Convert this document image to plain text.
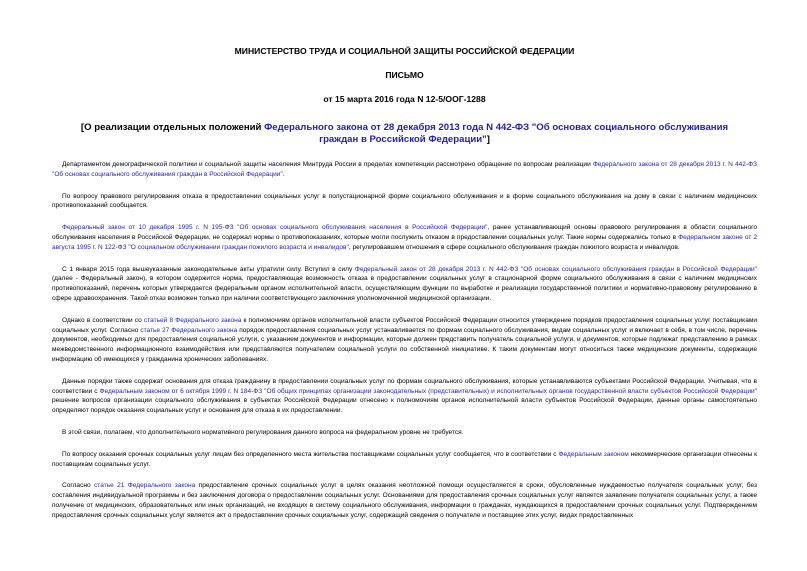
МИНИСТЕРСТВО ТРУДА И СОЦИАЛЬНОЙ ЗАЩИТЫ РОССИЙСКОЙ ФЕДЕРАЦИИ
ПИСЬМО
от 15 марта 2016 года N 12-5/ООГ-1288
[О реализации отдельных положений Федерального закона от 28 декабря 2013 года N 442-ФЗ "Об основах социального обслуживания граждан в Российской Федерации"]

Департаментом демографической политики и социальной защиты населения Минтруда России в пределах компетенции рассмотрено обращение по вопросам реализации Федерального закона от 28 декабря 2013 г. N 442-ФЗ "Об основах социального обслуживания граждан в Российской Федерации".

По вопросу правового регулирования отказа в предоставлении социальных услуг в полустационарной форме социального обслуживания и в форме социального обслуживания на дому в связи с наличием медицинских противопоказаний сообщается.

Федеральный закон от 10 декабря 1995 г. N 195-ФЗ "Об основах социального обслуживания населения в Российской Федерации", ранее устанавливающий основы правового регулирования в области социального обслуживания населения в Российской Федерации, не содержал нормы о противопоказаниях, которые могли послужить отказом в предоставлении социальных услуг. Такие нормы содержались только в Федеральном законе от 2 августа 1995 г. N 122-ФЗ "О социальном обслуживании граждан пожилого возраста и инвалидов", регулировавшем отношения в сфере социального обслуживания граждан пожилого возраста и инвалидов.

С 1 января 2015 года вышеуказанные законодательные акты утратили силу. Вступил в силу Федеральный закон от 28 декабря 2013 г. N 442-ФЗ "Об основах социального обслуживания граждан в Российской Федерации" (далее - Федеральный закон), в котором содержится норма, предоставляющая возможность отказа в предоставлении социальных услуг в стационарной форме социального обслуживания в связи с наличием медицинских противопоказаний, перечень которых утверждается федеральным органом исполнительной власти, осуществляющим функции по выработке и реализации государственной политики и нормативно-правовому регулированию в сфере здравоохранения. Такой отказ возможен только при наличии соответствующего заключения уполномоченной медицинской организации.

Однако в соответствии со статьей 8 Федерального закона к полномочиям органов исполнительной власти субъектов Российской Федерации относится утверждение порядков предоставления социальных услуг поставщиками социальных услуг. Согласно статье 27 Федерального закона порядок предоставления социальных услуг устанавливается по формам социального обслуживания, видам социальных услуг и включает в себя, в том числе, перечень документов, необходимых для предоставления социальной услуги, с указанием документов и информации, которые должен представить получатель социальной услуги, и документов, которые подлежат представлению в рамках межведомственного информационного взаимодействия или представляются получателем социальной услуги по собственной инициативе. К таким документам могут относиться также медицинские документы, содержащие информацию об имеющихся у гражданина хронических заболеваниях.

Данные порядки также содержат основания для отказа гражданину в предоставлении социальных услуг по формам социального обслуживания, которые устанавливаются субъектами Российской Федерации. Учитывая, что в соответствии с Федеральным законом от 6 октября 1999 г. N 184-ФЗ "Об общих принципах организации законодательных (представительных) и исполнительных органов государственной власти субъектов Российской Федерации" решение вопросов организации социального обслуживания в субъектах Российской Федерации отнесено к полномочиям органов исполнительной власти субъектов Российской Федерации, данные органы самостоятельно определяют порядок оказания социальных услуг и основания для отказа в их предоставлении.

В этой связи, полагаем, что дополнительного нормативного регулирования данного вопроса на федеральном уровне не требуется.

По вопросу оказания срочных социальных услуг лицам без определенного места жительства поставщиками социальных услуг сообщается, что в соответствии с Федеральным законом некоммерческие организации отнесены к поставщикам социальных услуг.

Согласно статье 21 Федерального закона предоставление срочных социальных услуг в целях оказания неотложной помощи осуществляется в сроки, обусловленные нуждаемостью получателя социальных услуг, без составления индивидуальной программы и без заключения договора о предоставлении социальных услуг. Основаниями для предоставления срочных социальных услуг является заявление получателя социальных услуг, а также получение от медицинских, образовательных или иных организаций, не входящих в систему социального обслуживания, информации о гражданах, нуждающихся в предоставлении срочных социальных услуг. Подтверждением предоставления срочных социальных услуг является акт о предоставлении срочных социальных услуг, содержащий сведения о получателе и поставщике этих услуг, видах предоставленных
